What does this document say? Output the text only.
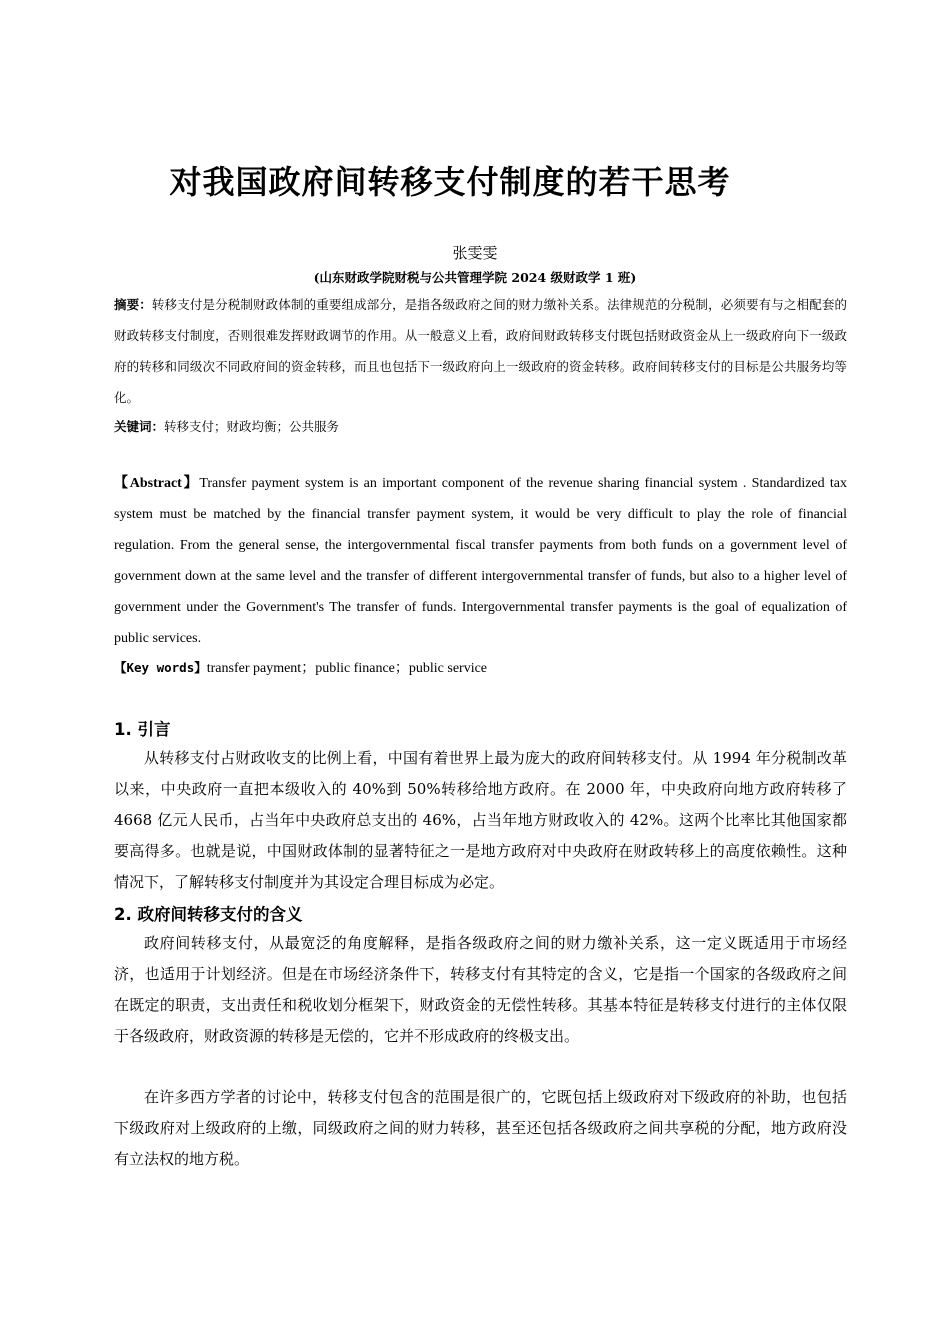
对我国政府间转移支付制度的若干思考
张雯雯
(山东财政学院财税与公共管理学院 2024 级财政学 1 班)
摘要：转移支付是分税制财政体制的重要组成部分，是指各级政府之间的财力缴补关系。法律规范的分税制，必须要有与之相配套的财政转移支付制度，否则很难发挥财政调节的作用。从一般意义上看，政府间财政转移支付既包括财政资金从上一级政府向下一级政府的转移和同级次不同政府间的资金转移，而且也包括下一级政府向上一级政府的资金转移。政府间转移支付的目标是公共服务均等化。
关键词：转移支付；财政均衡；公共服务
【Abstract】Transfer payment system is an important component of the revenue sharing financial system . Standardized tax system must be matched by the financial transfer payment system, it would be very difficult to play the role of financial regulation. From the general sense, the intergovernmental fiscal transfer payments from both funds on a government level of government down at the same level and the transfer of different intergovernmental transfer of funds, but also to a higher level of government under the Government's The transfer of funds. Intergovernmental transfer payments is the goal of equalization of public services.
【Key words】transfer payment；public finance；public service
1. 引言

从转移支付占财政收支的比例上看，中国有着世界上最为庞大的政府间转移支付。从 1994 年分税制改革以来，中央政府一直把本级收入的 40%到 50%转移给地方政府。在 2000 年，中央政府向地方政府转移了 4668 亿元人民币，占当年中央政府总支出的 46%，占当年地方财政收入的 42%。这两个比率比其他国家都要高得多。也就是说，中国财政体制的显著特征之一是地方政府对中央政府在财政转移上的高度依赖性。这种情况下，了解转移支付制度并为其设定合理目标成为必定。

2. 政府间转移支付的含义

政府间转移支付，从最宽泛的角度解释，是指各级政府之间的财力缴补关系，这一定义既适用于市场经济，也适用于计划经济。但是在市场经济条件下，转移支付有其特定的含义，它是指一个国家的各级政府之间在既定的职责，支出责任和税收划分框架下，财政资金的无偿性转移。其基本特征是转移支付进行的主体仅限于各级政府，财政资源的转移是无偿的，它并不形成政府的终极支出。

在许多西方学者的讨论中，转移支付包含的范围是很广的，它既包括上级政府对下级政府的补助，也包括下级政府对上级政府的上缴，同级政府之间的财力转移，甚至还包括各级政府之间共享税的分配，地方政府没有立法权的地方税。
